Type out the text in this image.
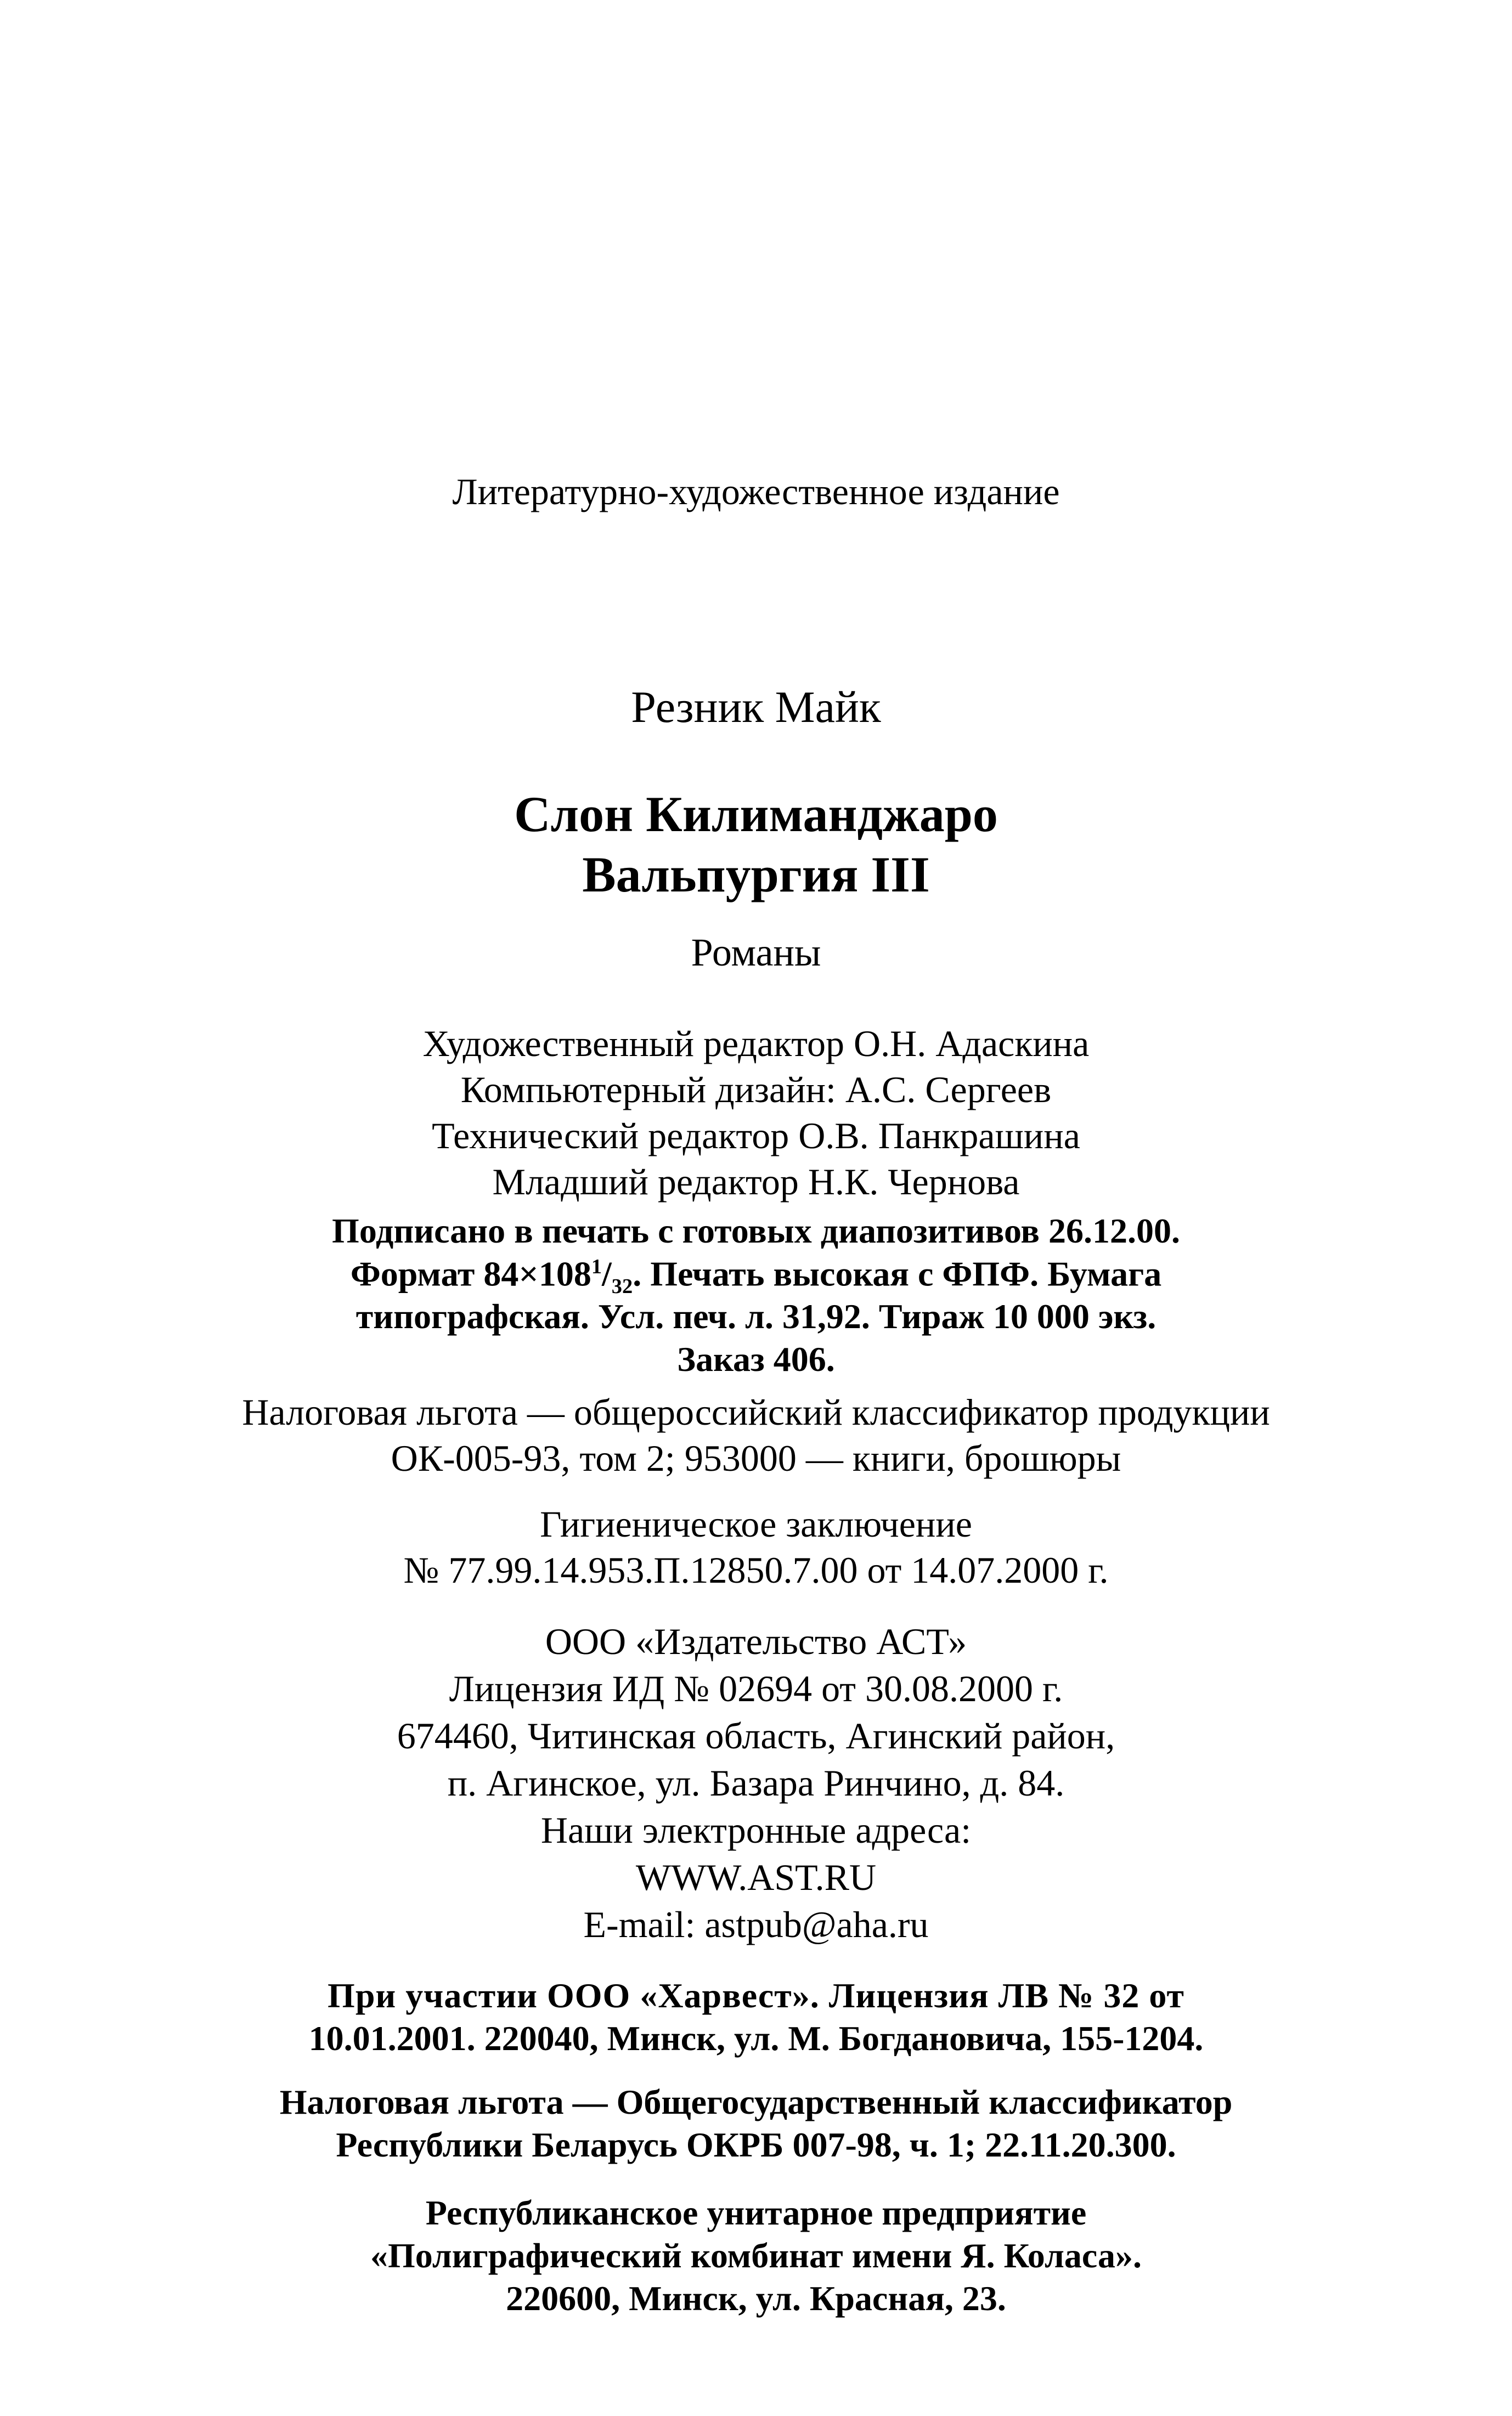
Литературно-художественное издание
Резник Майк
Слон Килиманджаро
Вальпургия III
Романы
Художественный редактор О.Н. Адаскина
Компьютерный дизайн: А.С. Сергеев
Технический редактор О.В. Панкрашина
Младший редактор Н.К. Чернова
Подписано в печать с готовых диапозитивов 26.12.00.
Формат $84\times 108^1/_{32}$. Печать высокая с ФПФ. Бумага
типографская. Усл. печ. л. 31,92. Тираж 10 000 экз.
Заказ 406.
Налоговая льгота — общероссийский классификатор продукции
ОК-005-93, том 2; 953000 — книги, брошюры
Гигиеническое заключение
№ 77.99.14.953.П.12850.7.00 от 14.07.2000 г.
ООО «Издательство АСТ»
Лицензия ИД № 02694 от 30.08.2000 г.
674460, Читинская область, Агинский район,
п. Агинское, ул. Базара Ринчино, д. 84.
Наши электронные адреса:
WWW.AST.RU
E-mail: astpub@aha.ru
При участии ООО «Харвест». Лицензия ЛВ № 32 от
10.01.2001. 220040, Минск, ул. М. Богдановича, 155-1204.
Налоговая льгота — Общегосударственный классификатор
Республики Беларусь ОКРБ 007-98, ч. 1; 22.11.20.300.
Республиканское унитарное предприятие
«Полиграфический комбинат имени Я. Коласа».
220600, Минск, ул. Красная, 23.
